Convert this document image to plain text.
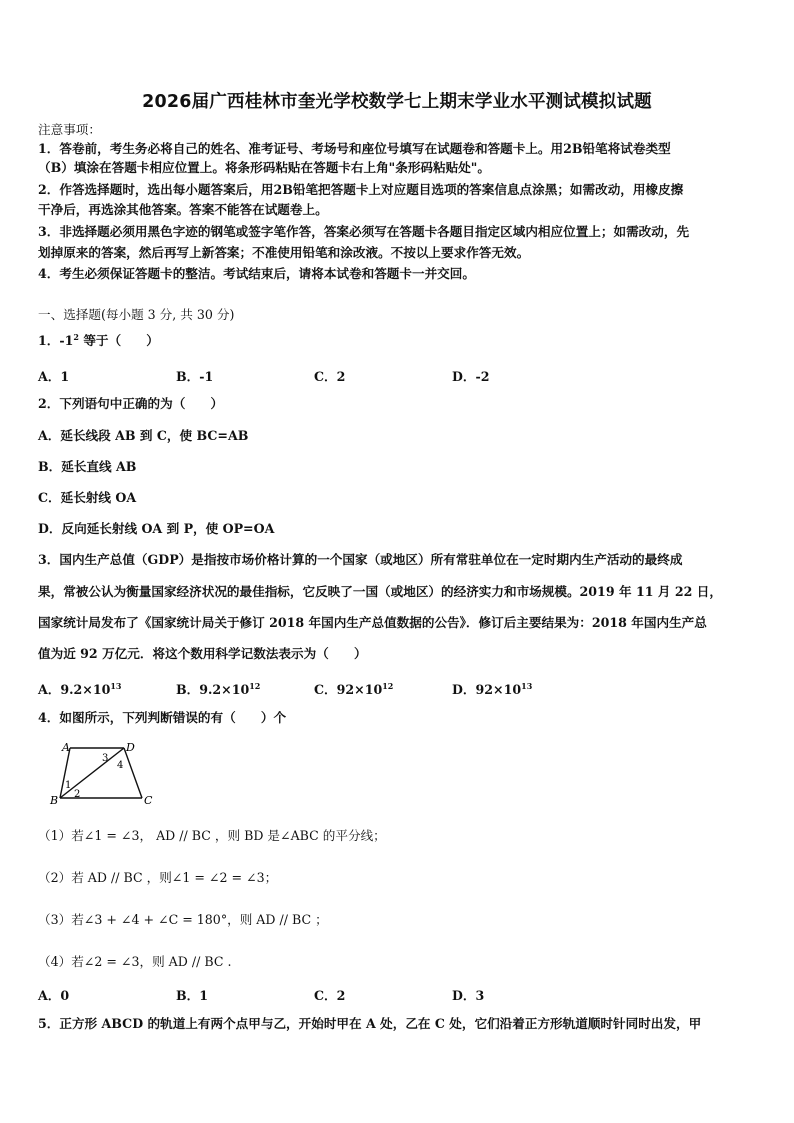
2026届广西桂林市奎光学校数学七上期末学业水平测试模拟试题
注意事项：
1．答卷前，考生务必将自己的姓名、准考证号、考场号和座位号填写在试题卷和答题卡上。用2B铅笔将试卷类型
（B）填涂在答题卡相应位置上。将条形码粘贴在答题卡右上角"条形码粘贴处"。
2．作答选择题时，选出每小题答案后，用2B铅笔把答题卡上对应题目选项的答案信息点涂黑；如需改动，用橡皮擦
干净后，再选涂其他答案。答案不能答在试题卷上。
3．非选择题必须用黑色字迹的钢笔或签字笔作答，答案必须写在答题卡各题目指定区域内相应位置上；如需改动，先
划掉原来的答案，然后再写上新答案；不准使用铅笔和涂改液。不按以上要求作答无效。
4．考生必须保证答题卡的整洁。考试结束后，请将本试卷和答题卡一并交回。
一、选择题(每小题 3 分, 共 30 分)
1．$-1^2$ 等于（　　）
A．1	B．-1	C．2	D．-2
2．下列语句中正确的为（　　）
A．延长线段 AB 到 C，使 BC=AB
B．延长直线 AB
C．延长射线 OA
D．反向延长射线 OA 到 P，使 OP=OA
3．国内生产总值（GDP）是指按市场价格计算的一个国家（或地区）所有常驻单位在一定时期内生产活动的最终成
果，常被公认为衡量国家经济状况的最佳指标，它反映了一国（或地区）的经济实力和市场规模。2019 年 11 月 22 日，
国家统计局发布了《国家统计局关于修订 2018 年国内生产总值数据的公告》．修订后主要结果为：2018 年国内生产总
值为近 92 万亿元．将这个数用科学记数法表示为（　　）
A．$9.2\times 10^{13}$	B．$9.2\times 10^{12}$	C．$92\times 10^{12}$	D．$92\times 10^{13}$
4．如图所示，下列判断错误的有（　　）个
A	D
B	C
1
2
3
4
（1）若∠1 = ∠3， AD // BC ，则 BD 是∠ABC 的平分线；
（2）若 AD // BC ，则∠1 = ∠2 = ∠3；
（3）若∠3 + ∠4 + ∠C = 180°，则 AD // BC ；
（4）若∠2 = ∠3，则 AD // BC .
A．0	B．1	C．2	D．3
5．正方形 ABCD 的轨道上有两个点甲与乙，开始时甲在 A 处，乙在 C 处，它们沿着正方形轨道顺时针同时出发，甲
